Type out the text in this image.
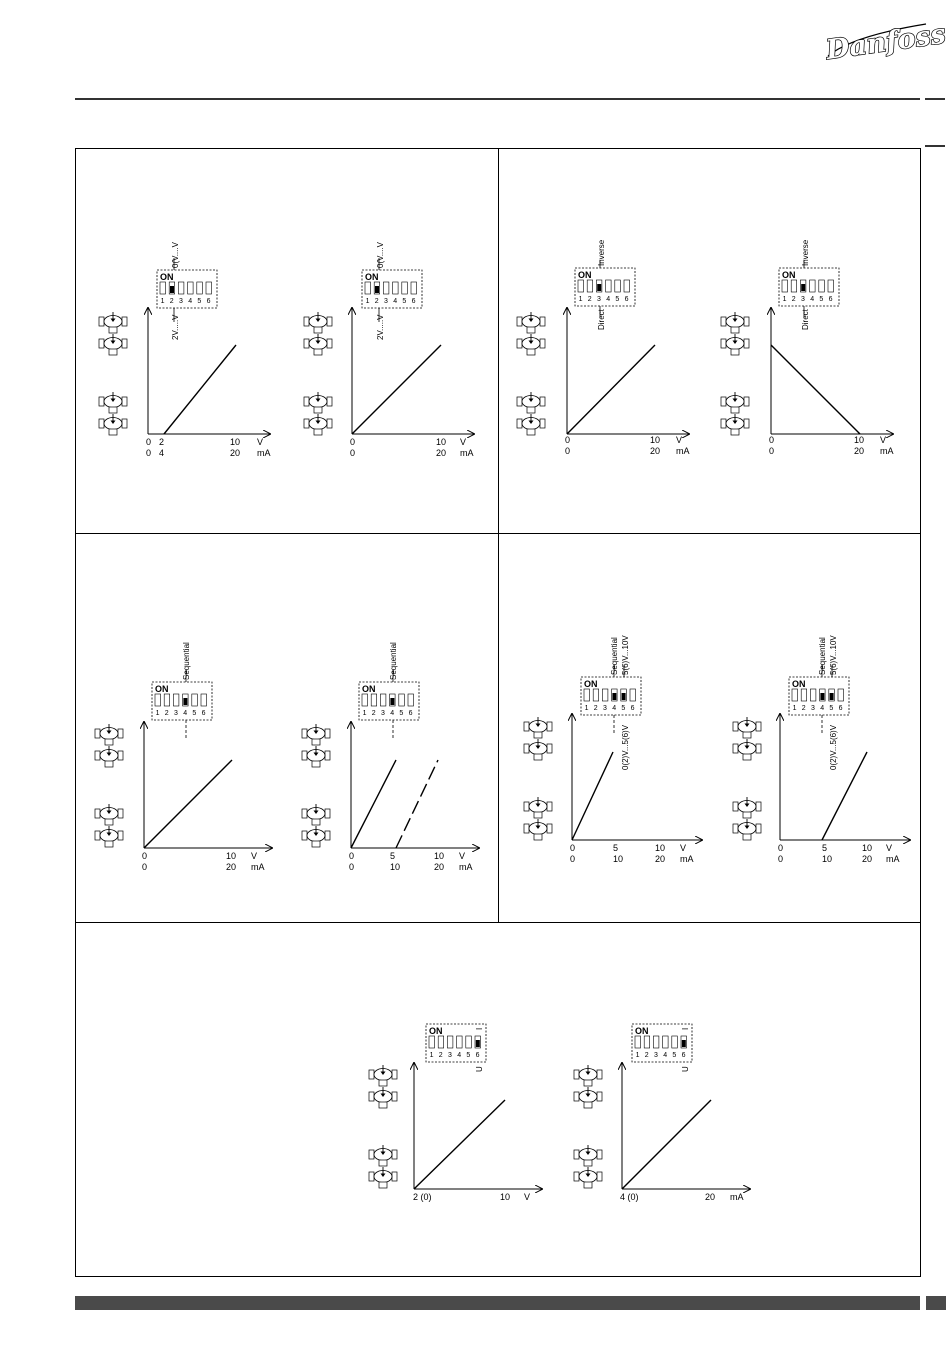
Danfoss
ON
1 2 3 4 5 6
0(V....V
2V.....V
0 2	10 V
0 4	20 mA
ON
1 2 3 4 5 6
0(V....V
2V.....V
0	10 V
0	20 mA
ON
1 2 3 4 5 6
Inverse
Direct
0	10 V
0	20 mA
ON
1 2 3 4 5 6
Inverse
Direct
0	10 V
0	20 mA
ON
1 2 3 4 5 6
Sequential
0	10 V
0	20 mA
ON
1 2 3 4 5 6
Sequential
0	5	10 V
0	10	20 mA
ON
1 2 3 4 5 6
Sequential 5(6)V...10V
0(2)V...5(6)V
0	5	10 V
0	10	20 mA
ON
1 2 3 4 5 6
Sequential 5(6)V...10V
0(2)V...5(6)V
0	5	10 V
0	10	20 mA
ON
1 2 3 4 5 6
I
U
2 (0)	10 V
ON
1 2 3 4 5 6
I
U
4 (0)	20 mA
